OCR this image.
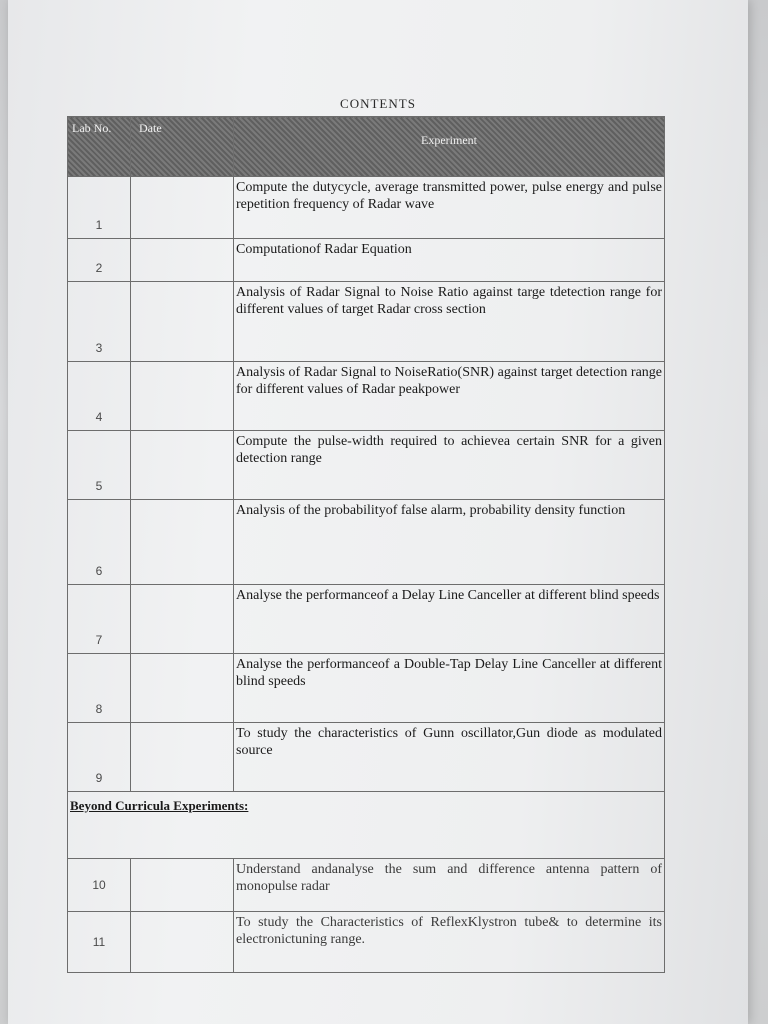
CONTENTS
Lab No.	Date	Experiment
1		Compute the dutycycle, average transmitted power, pulse energy and pulse repetition frequency of Radar wave
2		Computationof Radar Equation
3		Analysis of Radar Signal to Noise Ratio against targe tdetection range for different values of target Radar cross section
4		Analysis of Radar Signal to NoiseRatio(SNR) against target detection range for different values of Radar peakpower
5		Compute the pulse-width required to achievea certain SNR for a given detection range
6		Analysis of the probabilityof false alarm, probability density function
7		Analyse the performanceof a Delay Line Canceller at different blind speeds
8		Analyse the performanceof a Double-Tap Delay Line Canceller at different blind speeds
9		To study the characteristics of Gunn oscillator,Gun diode as modulated source
Beyond Curricula Experiments:		
10		Understand andanalyse the sum and difference antenna pattern of monopulse radar
11		To study the Characteristics of ReflexKlystron tube& to determine its electronictuning range.
